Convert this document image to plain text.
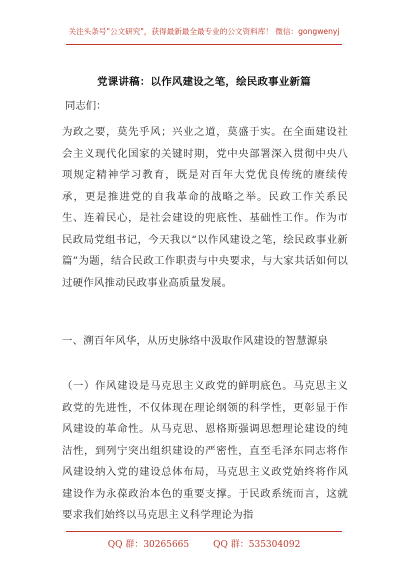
关注头条号"公文研究"，获得最新最全最专业的公文资料库！ 微信：gongwenyj
党课讲稿：以作风建设之笔，绘民政事业新篇
同志们：
为政之要，莫先乎风；兴业之道，莫盛于实。在全面建设社会主义现代化国家的关键时期，党中央部署深入贯彻中央八项规定精神学习教育，既是对百年大党优良传统的赓续传承，更是推进党的自我革命的战略之举。民政工作关系民生、连着民心，是社会建设的兜底性、基础性工作。作为市民政局党组书记，今天我以“以作风建设之笔，绘民政事业新篇”为题，结合民政工作职责与中央要求，与大家共话如何以过硬作风推动民政事业高质量发展。
一、溯百年风华，从历史脉络中汲取作风建设的智慧源泉
（一）作风建设是马克思主义政党的鲜明底色。马克思主义政党的先进性，不仅体现在理论纲领的科学性，更彰显于作风建设的革命性。从马克思、恩格斯强调思想理论建设的纯洁性，到列宁突出组织建设的严密性，直至毛泽东同志将作风建设纳入党的建设总体布局，马克思主义政党始终将作风建设作为永葆政治本色的重要支撑。于民政系统而言，这就要求我们始终以马克思主义科学理论为指
QQ 群：30265665	QQ 群：535304092
